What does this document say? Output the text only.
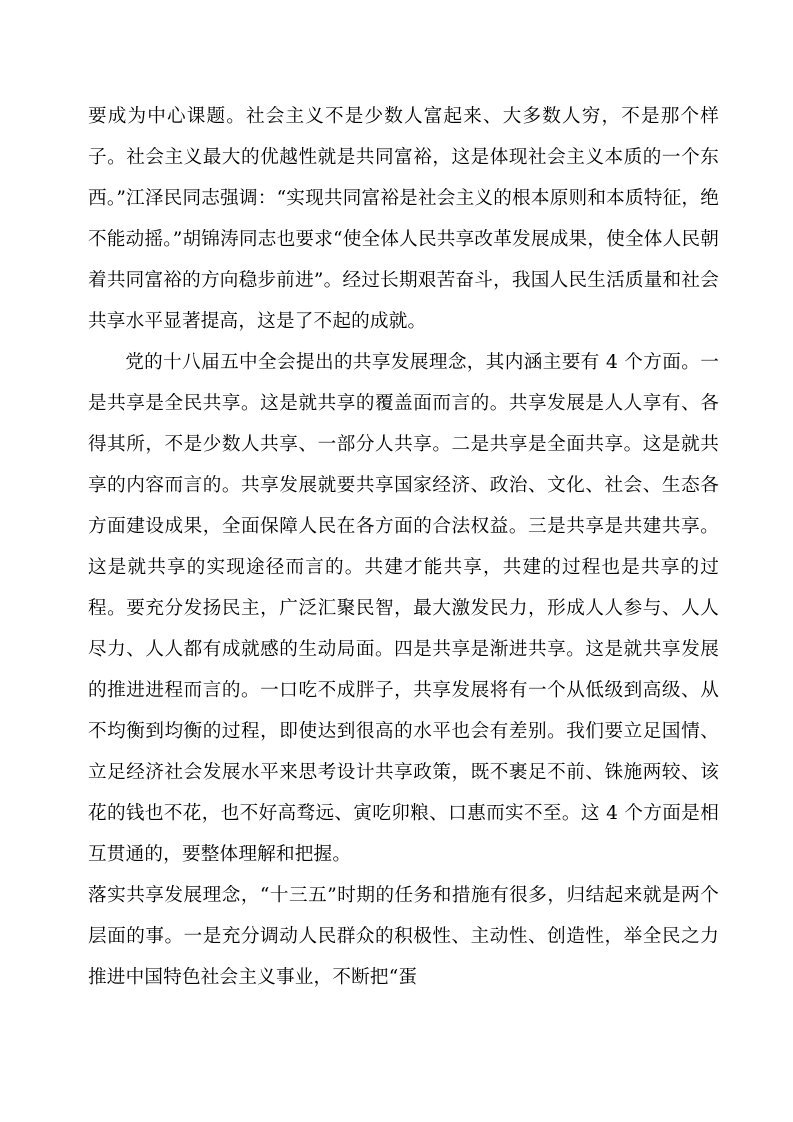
要成为中心课题。社会主义不是少数人富起来、大多数人穷，不是那个样子。社会主义最大的优越性就是共同富裕，这是体现社会主义本质的一个东西。”江泽民同志强调：“实现共同富裕是社会主义的根本原则和本质特征，绝不能动摇。”胡锦涛同志也要求“使全体人民共享改革发展成果，使全体人民朝着共同富裕的方向稳步前进”。经过长期艰苦奋斗，我国人民生活质量和社会共享水平显著提高，这是了不起的成就。

党的十八届五中全会提出的共享发展理念，其内涵主要有 4 个方面。一是共享是全民共享。这是就共享的覆盖面而言的。共享发展是人人享有、各得其所，不是少数人共享、一部分人共享。二是共享是全面共享。这是就共享的内容而言的。共享发展就要共享国家经济、政治、文化、社会、生态各方面建设成果，全面保障人民在各方面的合法权益。三是共享是共建共享。这是就共享的实现途径而言的。共建才能共享，共建的过程也是共享的过程。要充分发扬民主，广泛汇聚民智，最大激发民力，形成人人参与、人人尽力、人人都有成就感的生动局面。四是共享是渐进共享。这是就共享发展的推进进程而言的。一口吃不成胖子，共享发展将有一个从低级到高级、从不均衡到均衡的过程，即使达到很高的水平也会有差别。我们要立足国情、立足经济社会发展水平来思考设计共享政策，既不裹足不前、铢施两较、该花的钱也不花，也不好高骛远、寅吃卯粮、口惠而实不至。这 4 个方面是相互贯通的，要整体理解和把握。

落实共享发展理念，“十三五”时期的任务和措施有很多，归结起来就是两个层面的事。一是充分调动人民群众的积极性、主动性、创造性，举全民之力推进中国特色社会主义事业，不断把“蛋
